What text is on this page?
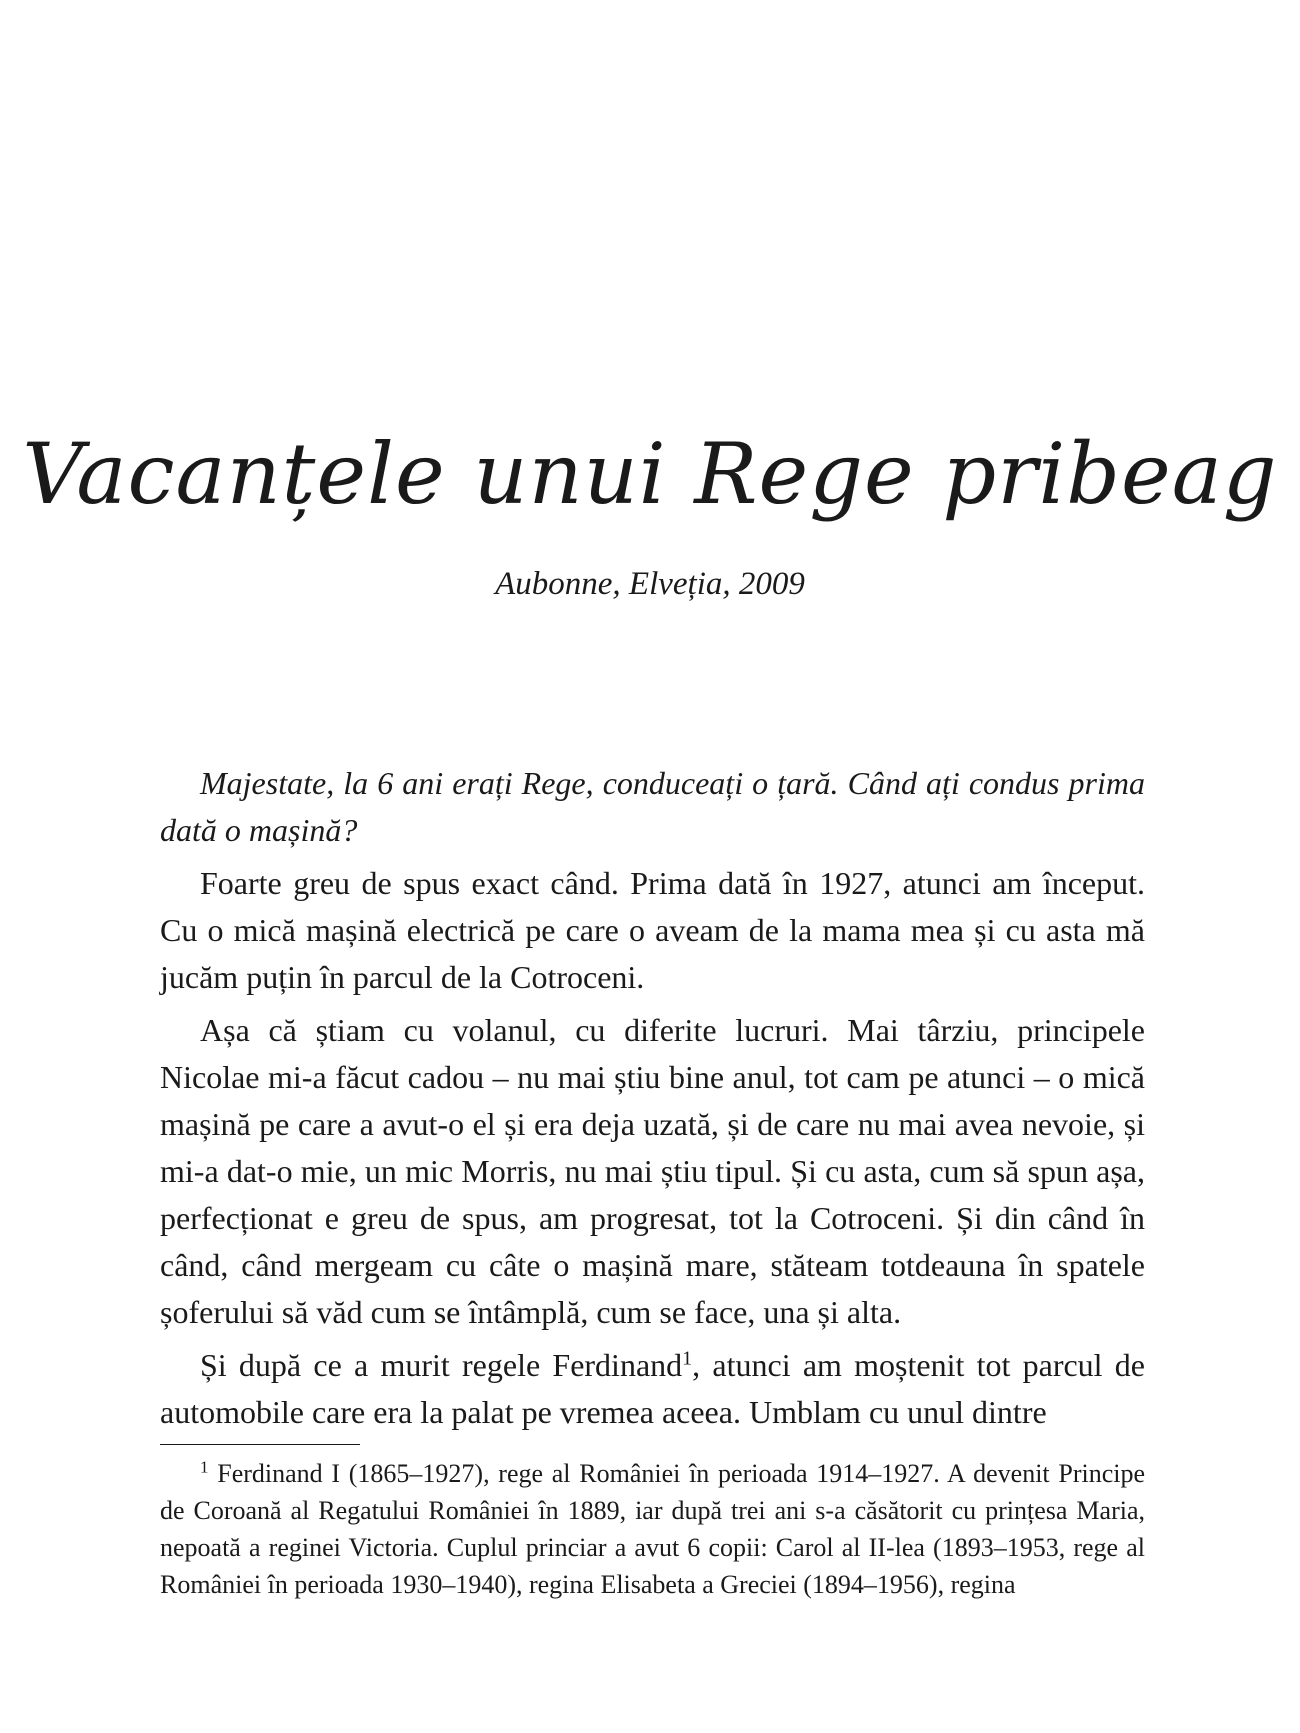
Vacanțele unui Rege pribeag
Aubonne, Elveția, 2009

Majestate, la 6 ani erați Rege, conduceați o țară. Când ați condus prima dată o mașină?

Foarte greu de spus exact când. Prima dată în 1927, atunci am început. Cu o mică mașină electrică pe care o aveam de la mama mea și cu asta mă jucăm puțin în parcul de la Cotroceni.

Așa că știam cu volanul, cu diferite lucruri. Mai târziu, principele Nicolae mi-a făcut cadou – nu mai știu bine anul, tot cam pe atunci – o mică mașină pe care a avut-o el și era deja uzată, și de care nu mai avea nevoie, și mi-a dat-o mie, un mic Morris, nu mai știu tipul. Și cu asta, cum să spun așa, perfecționat e greu de spus, am progresat, tot la Cotroceni. Și din când în când, când mergeam cu câte o mașină mare, stăteam totdeauna în spatele șoferului să văd cum se întâmplă, cum se face, una și alta.

Și după ce a murit regele Ferdinand$^1$, atunci am moștenit tot parcul de automobile care era la palat pe vremea aceea. Umblam cu unul dintre

$^1$ Ferdinand I (1865–1927), rege al României în perioada 1914–1927. A devenit Principe de Coroană al Regatului României în 1889, iar după trei ani s-a căsătorit cu prințesa Maria, nepoată a reginei Victoria. Cuplul princiar a avut 6 copii: Carol al II-lea (1893–1953, rege al României în perioada 1930–1940), regina Elisabeta a Greciei (1894–1956), regina
